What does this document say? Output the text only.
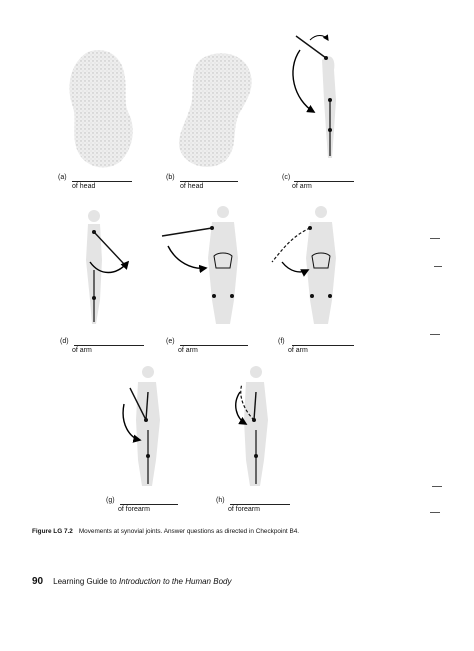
(a)
of head
(b)
of head
(c)
of arm
(d)
of arm
(e)
of arm
(f)
of arm
(g)
of forearm
(h)
of forearm
Figure LG 7.2 Movements at synovial joints. Answer questions as directed in Checkpoint B4.
90 Learning Guide to Introduction to the Human Body
